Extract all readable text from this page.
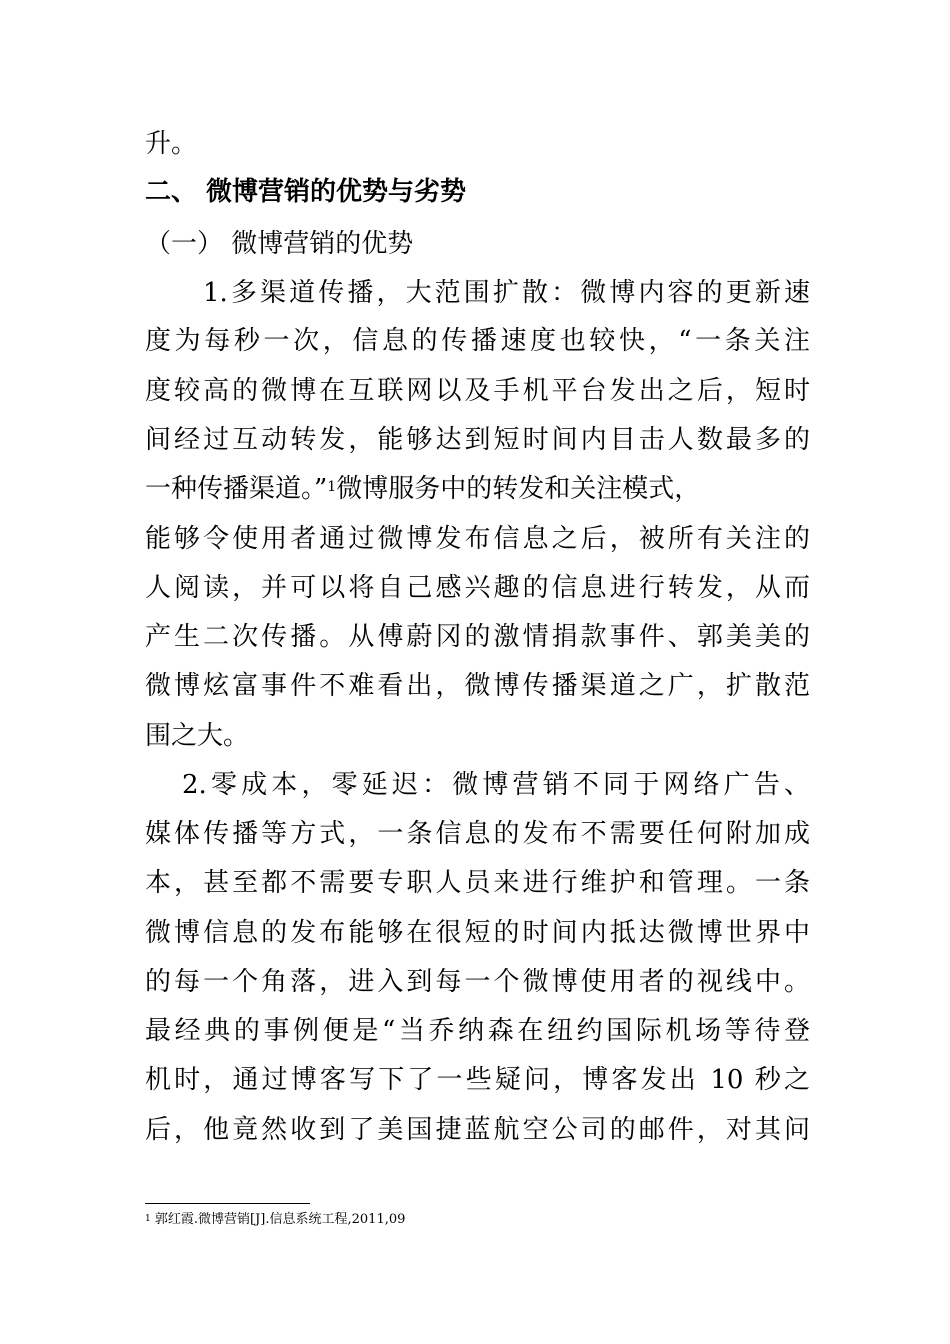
升。
二、 微博营销的优势与劣势
（一） 微博营销的优势
1.多渠道传播，大范围扩散：微博内容的更新速
度为每秒一次，信息的传播速度也较快，“一条关注
度较高的微博在互联网以及手机平台发出之后，短时
间经过互动转发，能够达到短时间内目击人数最多的
一种传播渠道。”$^1$微博服务中的转发和关注模式，
能够令使用者通过微博发布信息之后，被所有关注的
人阅读，并可以将自己感兴趣的信息进行转发，从而
产生二次传播。从傅蔚冈的激情捐款事件、郭美美的
微博炫富事件不难看出，微博传播渠道之广，扩散范
围之大。
2.零成本，零延迟：微博营销不同于网络广告、
媒体传播等方式，一条信息的发布不需要任何附加成
本，甚至都不需要专职人员来进行维护和管理。一条
微博信息的发布能够在很短的时间内抵达微博世界中
的每一个角落，进入到每一个微博使用者的视线中。
最经典的事例便是“当乔纳森在纽约国际机场等待登
机时，通过博客写下了一些疑问，博客发出 10 秒之
后，他竟然收到了美国捷蓝航空公司的邮件，对其问
$^1$ 郭红霞.微博营销[J].信息系统工程,2011,09
